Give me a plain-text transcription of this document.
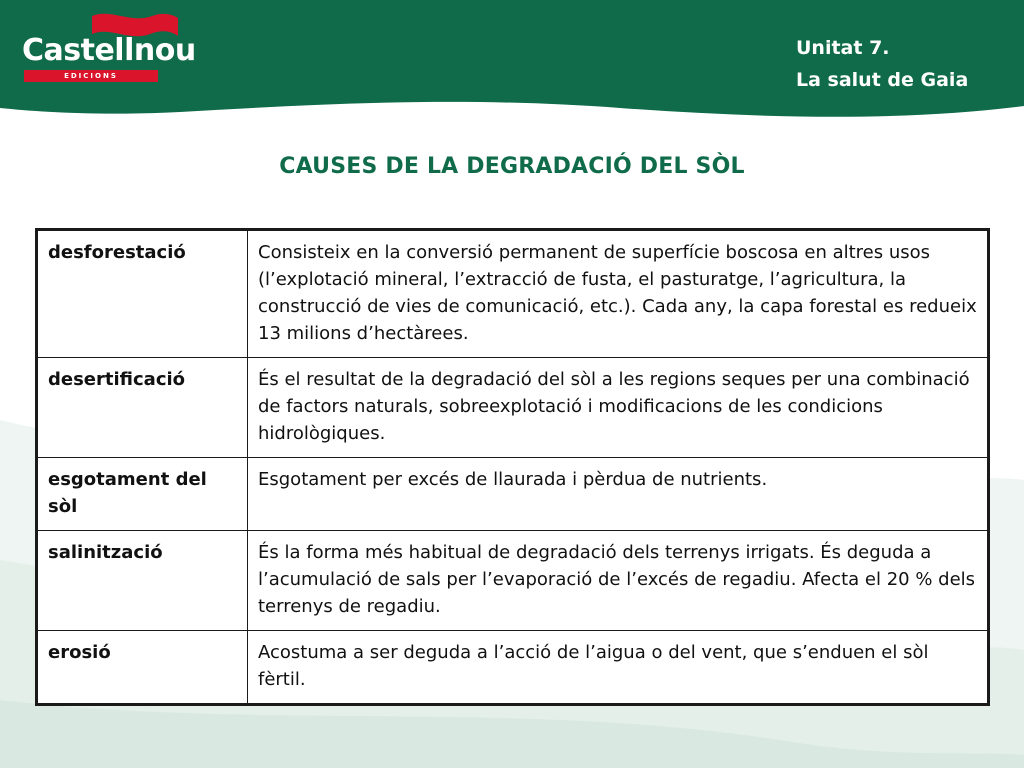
Castellnou
EDICIONS
Unitat 7.
La salut de Gaia
CAUSES DE LA DEGRADACIÓ DEL SÒL
desforestació	Consisteix en la conversió permanent de superfície boscosa en altres usos (l’explotació mineral, l’extracció de fusta, el pasturatge, l’agricultura, la construcció de vies de comunicació, etc.). Cada any, la capa forestal es redueix 13 milions d’hectàrees.
desertificació	És el resultat de la degradació del sòl a les regions seques per una combinació de factors naturals, sobreexplotació i modificacions de les condicions hidrològiques.
esgotament del sòl	Esgotament per excés de llaurada i pèrdua de nutrients.
salinització	És la forma més habitual de degradació dels terrenys irrigats. És deguda a l’acumulació de sals per l’evaporació de l’excés de regadiu. Afecta el 20 % dels terrenys de regadiu.
erosió	Acostuma a ser deguda a l’acció de l’aigua o del vent, que s’enduen el sòl fèrtil.
